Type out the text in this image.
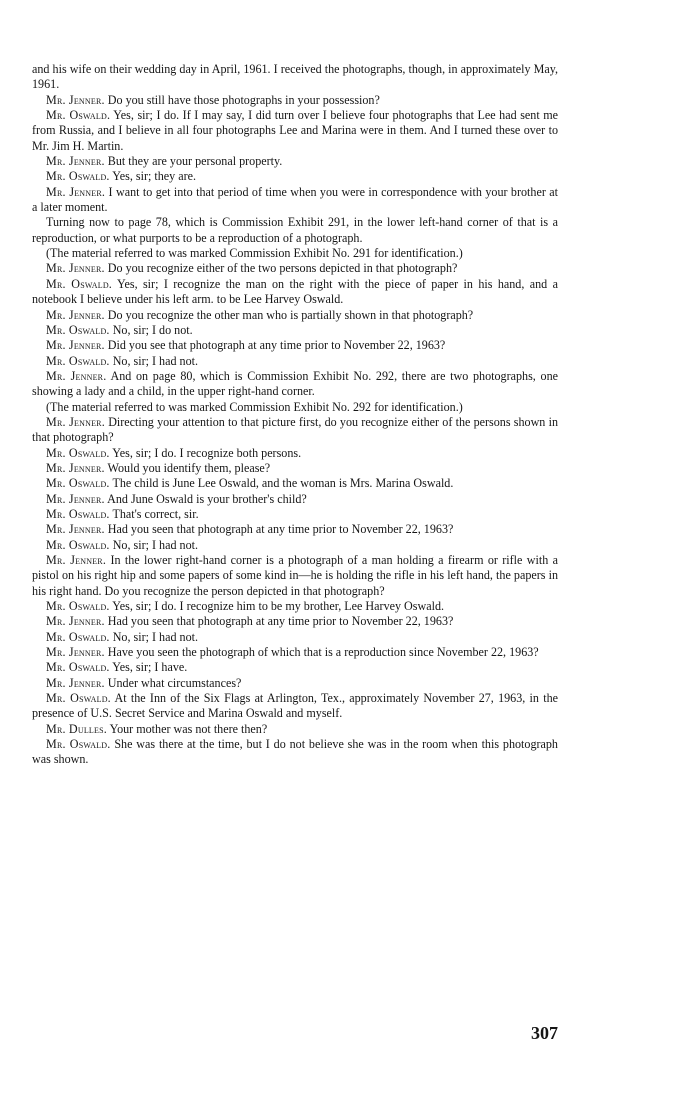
and his wife on their wedding day in April, 1961. I received the photographs, though, in approximately May, 1961.

Mr. Jenner. Do you still have those photographs in your possession?

Mr. Oswald. Yes, sir; I do. If I may say, I did turn over I believe four photographs that Lee had sent me from Russia, and I believe in all four photographs Lee and Marina were in them. And I turned these over to Mr. Jim H. Martin.

Mr. Jenner. But they are your personal property.

Mr. Oswald. Yes, sir; they are.

Mr. Jenner. I want to get into that period of time when you were in correspondence with your brother at a later moment.

Turning now to page 78, which is Commission Exhibit 291, in the lower left-hand corner of that is a reproduction, or what purports to be a reproduction of a photograph.

(The material referred to was marked Commission Exhibit No. 291 for identification.)

Mr. Jenner. Do you recognize either of the two persons depicted in that photograph?

Mr. Oswald. Yes, sir; I recognize the man on the right with the piece of paper in his hand, and a notebook I believe under his left arm. to be Lee Harvey Oswald.

Mr. Jenner. Do you recognize the other man who is partially shown in that photograph?

Mr. Oswald. No, sir; I do not.

Mr. Jenner. Did you see that photograph at any time prior to November 22, 1963?

Mr. Oswald. No, sir; I had not.

Mr. Jenner. And on page 80, which is Commission Exhibit No. 292, there are two photographs, one showing a lady and a child, in the upper right-hand corner.

(The material referred to was marked Commission Exhibit No. 292 for identification.)

Mr. Jenner. Directing your attention to that picture first, do you recognize either of the persons shown in that photograph?

Mr. Oswald. Yes, sir; I do. I recognize both persons.

Mr. Jenner. Would you identify them, please?

Mr. Oswald. The child is June Lee Oswald, and the woman is Mrs. Marina Oswald.

Mr. Jenner. And June Oswald is your brother's child?

Mr. Oswald. That's correct, sir.

Mr. Jenner. Had you seen that photograph at any time prior to November 22, 1963?

Mr. Oswald. No, sir; I had not.

Mr. Jenner. In the lower right-hand corner is a photograph of a man holding a firearm or rifle with a pistol on his right hip and some papers of some kind in—he is holding the rifle in his left hand, the papers in his right hand. Do you recognize the person depicted in that photograph?

Mr. Oswald. Yes, sir; I do. I recognize him to be my brother, Lee Harvey Oswald.

Mr. Jenner. Had you seen that photograph at any time prior to November 22, 1963?

Mr. Oswald. No, sir; I had not.

Mr. Jenner. Have you seen the photograph of which that is a reproduction since November 22, 1963?

Mr. Oswald. Yes, sir; I have.

Mr. Jenner. Under what circumstances?

Mr. Oswald. At the Inn of the Six Flags at Arlington, Tex., approximately November 27, 1963, in the presence of U.S. Secret Service and Marina Oswald and myself.

Mr. Dulles. Your mother was not there then?

Mr. Oswald. She was there at the time, but I do not believe she was in the room when this photograph was shown.

307
